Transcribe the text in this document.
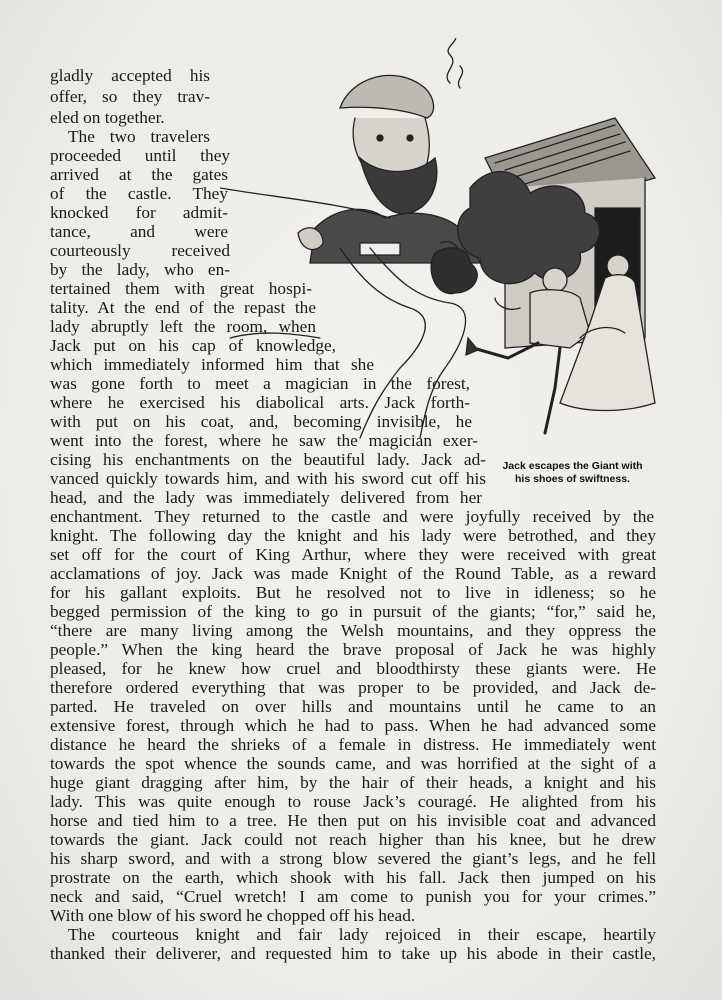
Jack escapes the Giant with
his shoes of swiftness.
gladly accepted his
offer, so they trav-
eled on together.
The two travelers
proceeded until they
arrived at the gates
of the castle. They
knocked for admit-
tance, and were
courteously received
by the lady, who en-
tertained them with great hospi-
tality. At the end of the repast the
lady abruptly left the room, when
Jack put on his cap of knowledge,
which immediately informed him that she
was gone forth to meet a magician in the forest,
where he exercised his diabolical arts. Jack forth-
with put on his coat, and, becoming invisible, he
went into the forest, where he saw the magician exer-
cising his enchantments on the beautiful lady. Jack ad-
vanced quickly towards him, and with his sword cut off his
head, and the lady was immediately delivered from her
enchantment. They returned to the castle and were joyfully received by the
knight. The following day the knight and his lady were betrothed, and they
set off for the court of King Arthur, where they were received with great
acclamations of joy. Jack was made Knight of the Round Table, as a reward
for his gallant exploits. But he resolved not to live in idleness; so he
begged permission of the king to go in pursuit of the giants; “for,” said he,
“there are many living among the Welsh mountains, and they oppress the
people.” When the king heard the brave proposal of Jack he was highly
pleased, for he knew how cruel and bloodthirsty these giants were. He
therefore ordered everything that was proper to be provided, and Jack de-
parted. He traveled on over hills and mountains until he came to an
extensive forest, through which he had to pass. When he had advanced some
distance he heard the shrieks of a female in distress. He immediately went
towards the spot whence the sounds came, and was horrified at the sight of a
huge giant dragging after him, by the hair of their heads, a knight and his
lady. This was quite enough to rouse Jack’s couragé. He alighted from his
horse and tied him to a tree. He then put on his invisible coat and advanced
towards the giant. Jack could not reach higher than his knee, but he drew
his sharp sword, and with a strong blow severed the giant’s legs, and he fell
prostrate on the earth, which shook with his fall. Jack then jumped on his
neck and said, “Cruel wretch! I am come to punish you for your crimes.”
With one blow of his sword he chopped off his head.
The courteous knight and fair lady rejoiced in their escape, heartily
thanked their deliverer, and requested him to take up his abode in their castle,
